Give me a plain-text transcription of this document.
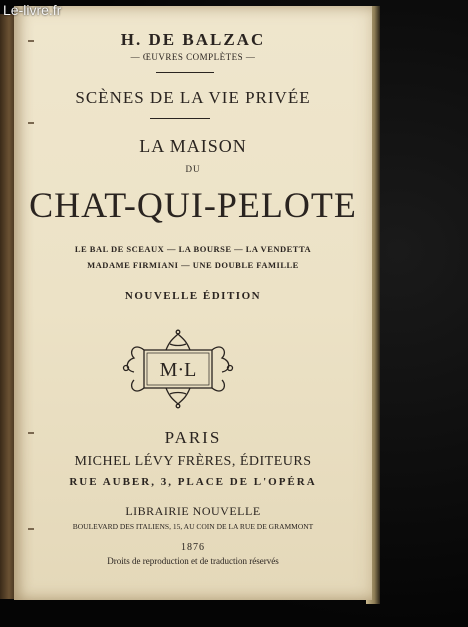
H. DE BALZAC
— ŒUVRES COMPLÈTES —
SCÈNES DE LA VIE PRIVÉE
LA MAISON
DU
CHAT-QUI-PELOTE
LE BAL DE SCEAUX — LA BOURSE — LA VENDETTA
MADAME FIRMIANI — UNE DOUBLE FAMILLE
NOUVELLE ÉDITION
M·L
PARIS
MICHEL LÉVY FRÈRES, ÉDITEURS
RUE AUBER, 3, PLACE DE L'OPÉRA
LIBRAIRIE NOUVELLE
BOULEVARD DES ITALIENS, 15, AU COIN DE LA RUE DE GRAMMONT
1876
Droits de reproduction et de traduction réservés
Le-livre.fr
